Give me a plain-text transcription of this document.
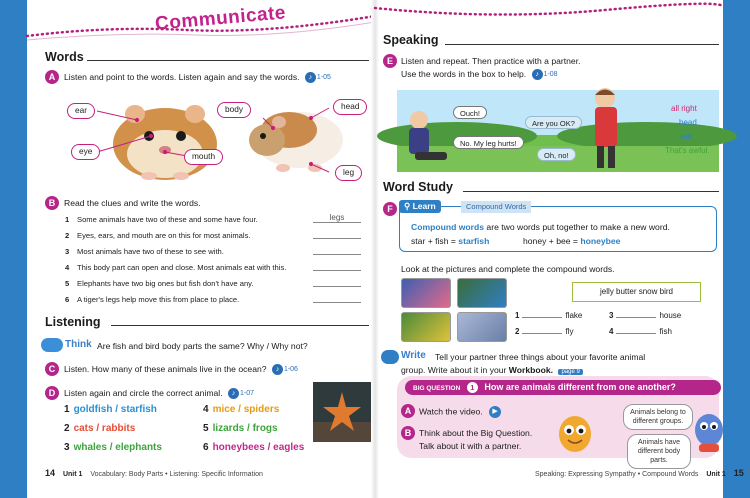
Communicate
Words
A	Listen and point to the words. Listen again and say the words. ♪ 1-05
ear
eye	mouth
body	head
leg
B	Read the clues and write the words.
1 Some animals have two of these and some have four.	legs
2 Eyes, ears, and mouth are on this for most animals.
3 Most animals have two of these to see with.
4 This body part can open and close. Most animals eat with this.
5 Elephants have two big ones but fish don't have any.
6 A tiger's legs help move this from place to place.
Listening
Think Are fish and bird body parts the same? Why / Why not?
C	Listen. How many of these animals live in the ocean? ♪ 1-06
D	Listen again and circle the correct animal. ♪ 1-07
1 goldfish / starfish
2 cats / rabbits
3 whales / elephants
4 mice / spiders
5 lizards / frogs
6 honeybees / eagles
14 Unit 1 Vocabulary: Body Parts • Listening: Specific Information
Speaking
E Listen and repeat. Then practice with a partner.
Use the words in the box to help. ♪ 1-08
Ouch!
Are you OK?
No. My leg hurts!
Oh, no!
all right
head
ear
That's awful.
Word Study
F	⚲ Learn	Compound Words
Compound words are two words put together to make a new word.
star + fish = starfish	honey + bee = honeybee
Look at the pictures and complete the compound words.
jelly butter snow bird
1	flake
2	fly
3	house
4	fish
Write Tell your partner three things about your favorite animal
group. Write about it in your Workbook. page 9
BIG QUESTION 1 How are animals different from one another?
A Watch the video. ▶
B Think about the Big Question.
Talk about it with a partner.
Animals belong to different groups.
Animals have different body parts.
Speaking: Expressing Sympathy • Compound Words Unit 1 15
